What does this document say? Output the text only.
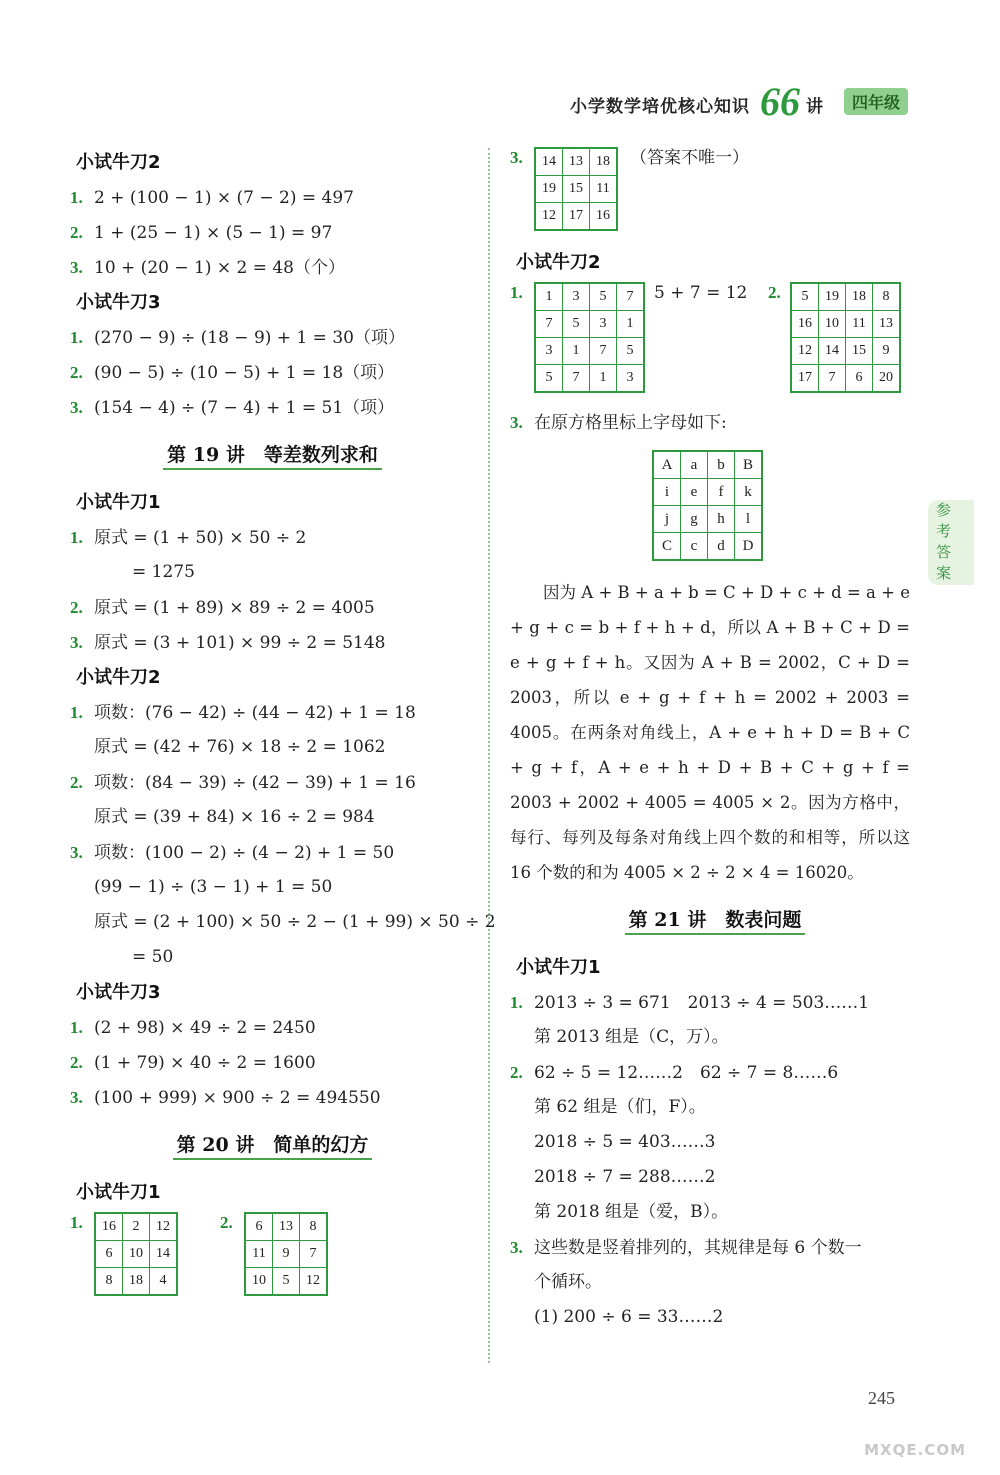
小学数学培优核心知识 66 讲	四年级
小试牛刀2
1. 2 + (100 − 1) × (7 − 2) = 497
2. 1 + (25 − 1) × (5 − 1) = 97
3. 10 + (20 − 1) × 2 = 48（个）
小试牛刀3
1. (270 − 9) ÷ (18 − 9) + 1 = 30（项）
2. (90 − 5) ÷ (10 − 5) + 1 = 18（项）
3. (154 − 4) ÷ (7 − 4) + 1 = 51（项）
第 19 讲　等差数列求和
小试牛刀1
1. 原式 = (1 + 50) × 50 ÷ 2
= 1275
2. 原式 = (1 + 89) × 89 ÷ 2 = 4005
3. 原式 = (3 + 101) × 99 ÷ 2 = 5148
小试牛刀2
1. 项数：(76 − 42) ÷ (44 − 42) + 1 = 18
原式 = (42 + 76) × 18 ÷ 2 = 1062
2. 项数：(84 − 39) ÷ (42 − 39) + 1 = 16
原式 = (39 + 84) × 16 ÷ 2 = 984
3. 项数：(100 − 2) ÷ (4 − 2) + 1 = 50
(99 − 1) ÷ (3 − 1) + 1 = 50
原式 = (2 + 100) × 50 ÷ 2 − (1 + 99) × 50 ÷ 2
= 50
小试牛刀3
1. (2 + 98) × 49 ÷ 2 = 2450
2. (1 + 79) × 40 ÷ 2 = 1600
3. (100 + 999) × 900 ÷ 2 = 494550
第 20 讲　简单的幻方
小试牛刀1
1.	16	2	12
6	10	14
8	18	4
2.	6	13	8
11	9	7
10	5	12
3.	14	13	18
19	15	11
12	17	16
（答案不唯一）
小试牛刀2
1.	1	3	5	7
7	5	3	1
3	1	7	5
5	7	1	3
5 + 7 = 12 2.	5	19	18	8
16	10	11	13
12	14	15	9
17	7	6	20
3. 在原方格里标上字母如下:
A	a	b	B
i	e	f	k
j	g	h	l
C	c	d	D

因为 A + B + a + b = C + D + c + d = a + e + g + c = b + f + h + d，所以 A + B + C + D = e + g + f + h。又因为 A + B = 2002，C + D = 2003，所以 e + g + f + h = 2002 + 2003 = 4005。在两条对角线上，A + e + h + D = B + C + g + f，A + e + h + D + B + C + g + f = 2003 + 2002 + 4005 = 4005 × 2。因为方格中，每行、每列及每条对角线上四个数的和相等，所以这 16 个数的和为 4005 × 2 ÷ 2 × 4 = 16020。

第 21 讲　数表问题
小试牛刀1
1. 2013 ÷ 3 = 671　2013 ÷ 4 = 503……1
第 2013 组是（C，万）。
2. 62 ÷ 5 = 12……2　62 ÷ 7 = 8……6
第 62 组是（们，F）。
2018 ÷ 5 = 403……3
2018 ÷ 7 = 288……2
第 2018 组是（爱，B）。
3. 这些数是竖着排列的，其规律是每 6 个数一
个循环。
(1) 200 ÷ 6 = 33……2
参考答案
245
MXQE.COM
